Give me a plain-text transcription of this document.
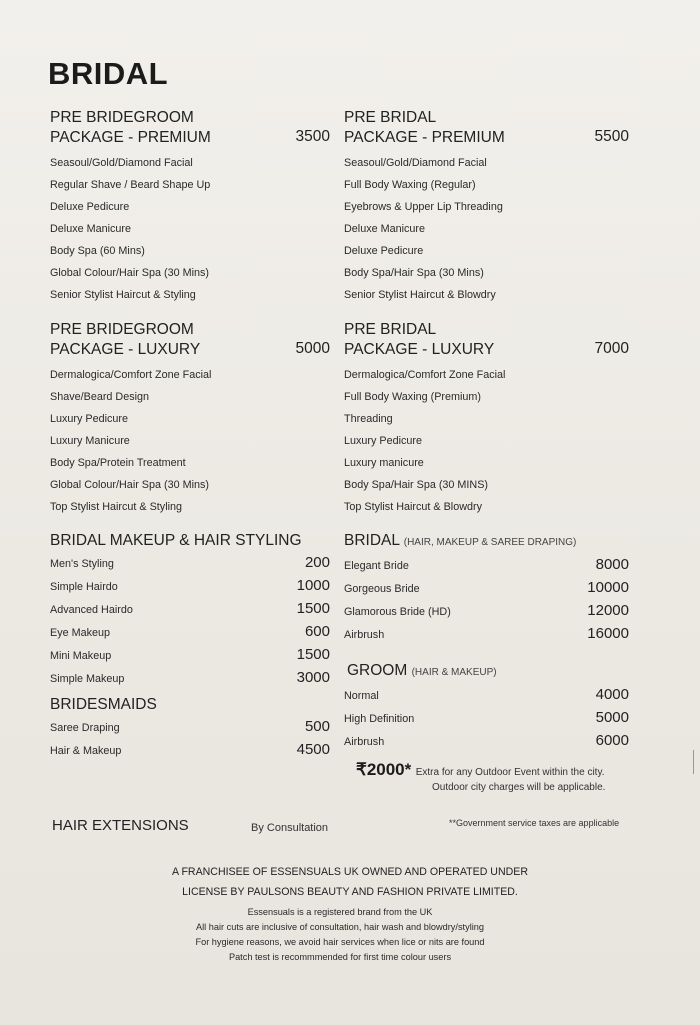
BRIDAL
PRE BRIDEGROOM
PACKAGE - PREMIUM	3500
Seasoul/Gold/Diamond Facial
Regular Shave / Beard Shape Up
Deluxe Pedicure
Deluxe Manicure
Body Spa (60 Mins)
Global Colour/Hair Spa (30 Mins)
Senior Stylist Haircut & Styling
PRE BRIDEGROOM
PACKAGE - LUXURY	5000
Dermalogica/Comfort Zone Facial
Shave/Beard Design
Luxury Pedicure
Luxury Manicure
Body Spa/Protein Treatment
Global Colour/Hair Spa (30 Mins)
Top Stylist Haircut & Styling
BRIDAL MAKEUP & HAIR STYLING
Men's Styling	200
Simple Hairdo	1000
Advanced Hairdo	1500
Eye Makeup	600
Mini Makeup	1500
Simple Makeup	3000
BRIDESMAIDS
Saree Draping	500
Hair & Makeup	4500
PRE BRIDAL
PACKAGE - PREMIUM	5500
Seasoul/Gold/Diamond Facial
Full Body Waxing (Regular)
Eyebrows & Upper Lip Threading
Deluxe Manicure
Deluxe Pedicure
Body Spa/Hair Spa (30 Mins)
Senior Stylist Haircut & Blowdry
PRE BRIDAL
PACKAGE - LUXURY	7000
Dermalogica/Comfort Zone Facial
Full Body Waxing (Premium)
Threading
Luxury Pedicure
Luxury manicure
Body Spa/Hair Spa (30 MINS)
Top Stylist Haircut & Blowdry
BRIDAL (HAIR, MAKEUP & SAREE DRAPING)
Elegant Bride	8000
Gorgeous Bride	10000
Glamorous Bride (HD)	12000
Airbrush	16000
GROOM (HAIR & MAKEUP)
Normal	4000
High Definition	5000
Airbrush	6000
₹2000* Extra for any Outdoor Event within the city.
Outdoor city charges will be applicable.
HAIR EXTENSIONS	By Consultation	**Government service taxes are applicable
A FRANCHISEE OF ESSENSUALS UK OWNED AND OPERATED UNDER
LICENSE BY PAULSONS BEAUTY AND FASHION PRIVATE LIMITED.
Essensuals is a registered brand from the UK
All hair cuts are inclusive of consultation, hair wash and blowdry/styling
For hygiene reasons, we avoid hair services when lice or nits are found
Patch test is recommmended for first time colour users
